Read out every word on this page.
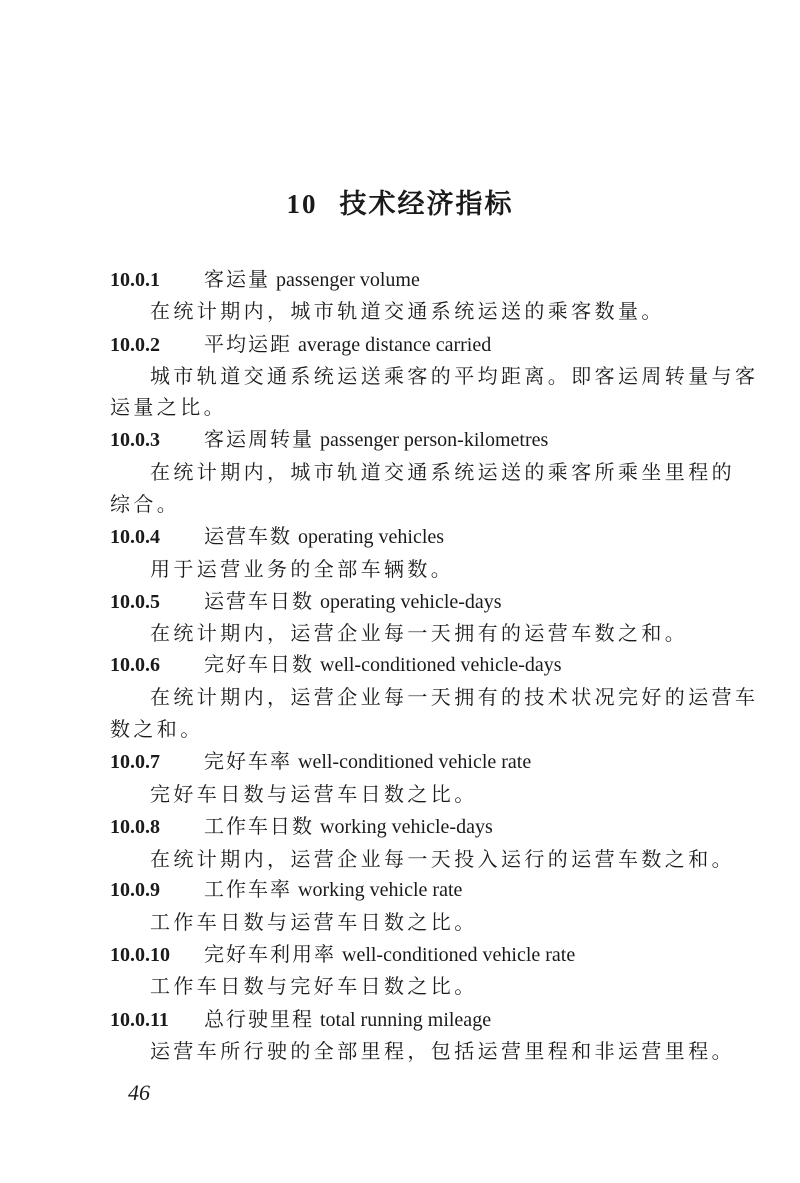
10 技术经济指标
10.0.1 客运量 passenger volume
在统计期内，城市轨道交通系统运送的乘客数量。
10.0.2 平均运距 average distance carried
城市轨道交通系统运送乘客的平均距离。即客运周转量与客
运量之比。
10.0.3 客运周转量 passenger person-kilometres
在统计期内，城市轨道交通系统运送的乘客所乘坐里程的
综合。
10.0.4 运营车数 operating vehicles
用于运营业务的全部车辆数。
10.0.5 运营车日数 operating vehicle-days
在统计期内，运营企业每一天拥有的运营车数之和。
10.0.6 完好车日数 well-conditioned vehicle-days
在统计期内，运营企业每一天拥有的技术状况完好的运营车
数之和。
10.0.7 完好车率 well-conditioned vehicle rate
完好车日数与运营车日数之比。
10.0.8 工作车日数 working vehicle-days
在统计期内，运营企业每一天投入运行的运营车数之和。
10.0.9 工作车率 working vehicle rate
工作车日数与运营车日数之比。
10.0.10 完好车利用率 well-conditioned vehicle rate
工作车日数与完好车日数之比。
10.0.11 总行驶里程 total running mileage
运营车所行驶的全部里程，包括运营里程和非运营里程。
46
